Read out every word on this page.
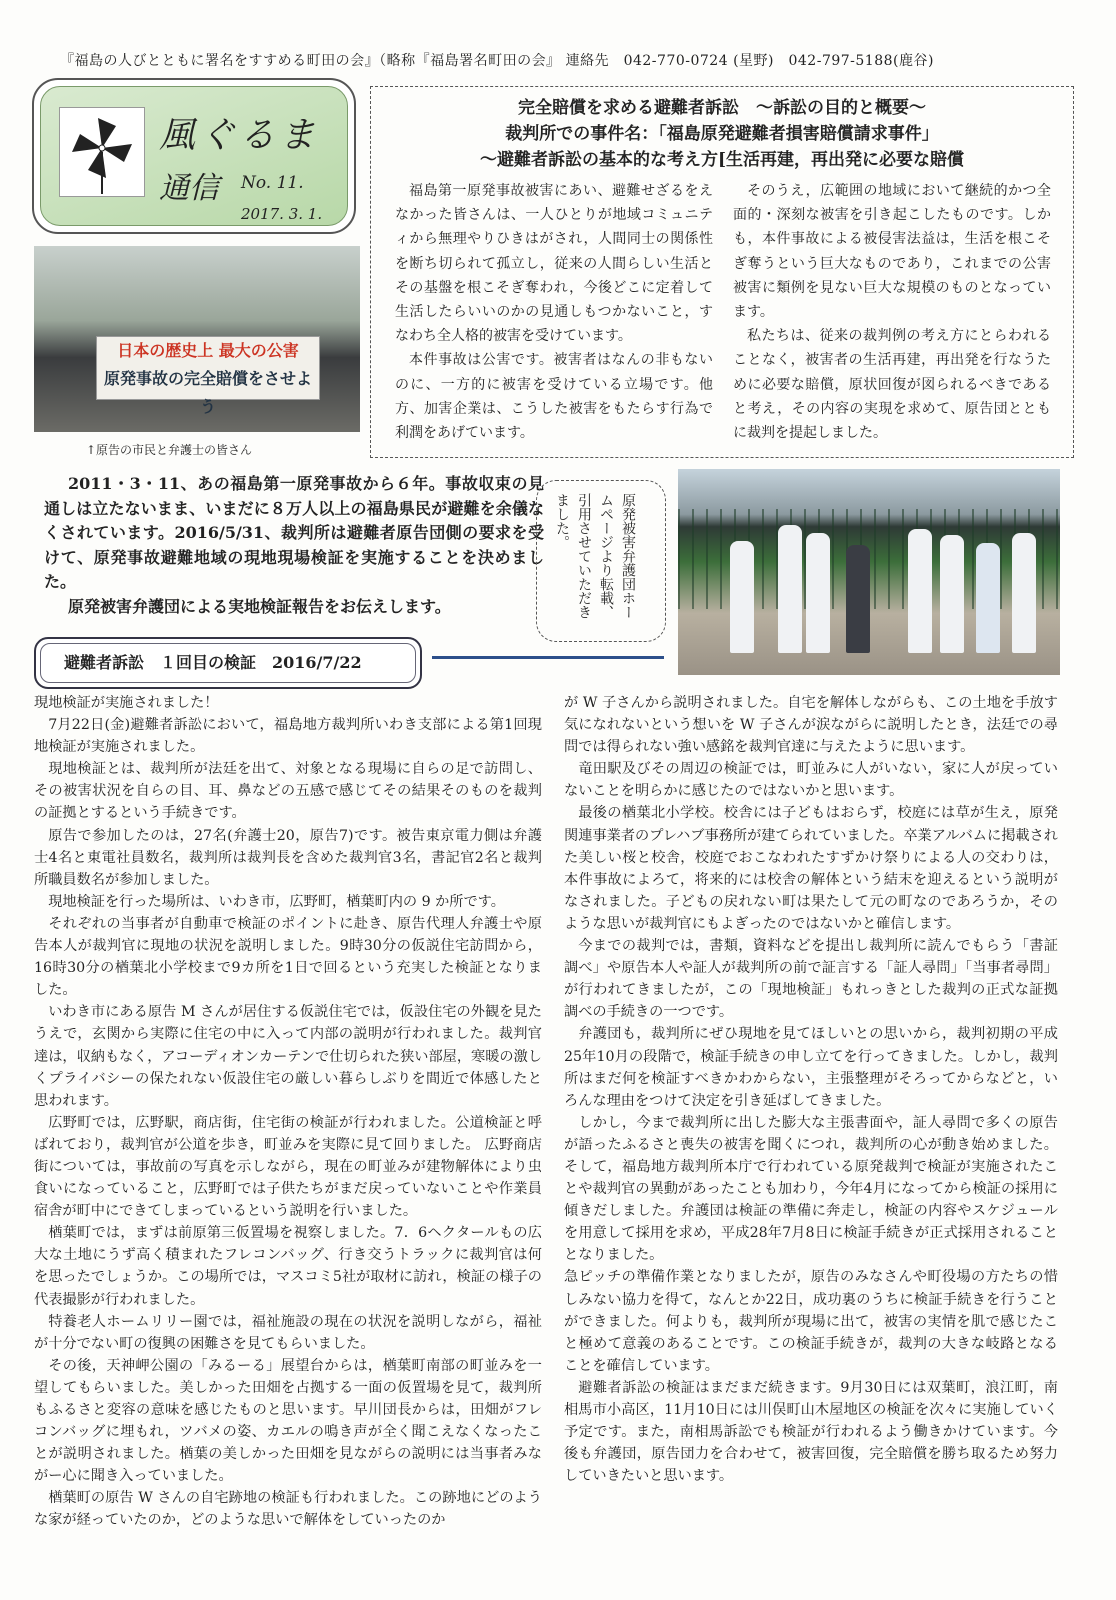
『福島の人びとともに署名をすすめる町田の会』（略称『福島署名町田の会』 連絡先　042-770-0724 (星野)　042-797-5188(鹿谷)
風ぐるま
通信 No. 11.
2017. 3. 1.
完全賠償を求める避難者訴訟　～訴訟の目的と概要～
裁判所での事件名：「福島原発避難者損害賠償請求事件」
～避難者訴訟の基本的な考え方[生活再建，再出発に必要な賠償

福島第一原発事故被害にあい、避難せざるをえなかった皆さんは、一人ひとりが地域コミュニティから無理やりひきはがされ，人間同士の関係性を断ち切られて孤立し，従来の人間らしい生活とその基盤を根こそぎ奪われ，今後どこに定着して生活したらいいのかの見通しもつかないこと，すなわち全人格的被害を受けています。

本件事故は公害です。被害者はなんの非もないのに、一方的に被害を受けている立場です。他方、加害企業は、こうした被害をもたらす行為で利潤をあげています。

そのうえ，広範囲の地域において継続的かつ全面的・深刻な被害を引き起こしたものです。しかも，本件事故による被侵害法益は，生活を根こそぎ奪うという巨大なものであり，これまでの公害被害に類例を見ない巨大な規模のものとなっています。

私たちは、従来の裁判例の考え方にとらわれることなく，被害者の生活再建，再出発を行なうために必要な賠償，原状回復が図られるべきであると考え，その内容の実現を求めて、原告団とともに裁判を提起しました。

日本の歴史上 最大の公害
原発事故の完全賠償をさせよう
↑原告の市民と弁護士の皆さん

2011・3・11、あの福島第一原発事故から６年。事故収束の見通しは立たないまま、いまだに８万人以上の福島県民が避難を余儀なくされています。2016/5/31、裁判所は避難者原告団側の要求を受けて、原発事故避難地域の現地現場検証を実施することを決めました。

原発被害弁護団による実地検証報告をお伝えします。	原発被害弁護団ホームページより転載、引用させていただきました。
避難者訴訟　１回目の検証　2016/7/22

現地検証が実施されました！

7月22日(金)避難者訴訟において，福島地方裁判所いわき支部による第1回現地検証が実施されました。

現地検証とは、裁判所が法廷を出て、対象となる現場に自らの足で訪問し、その被害状況を自らの目、耳、鼻などの五感で感じてその結果そのものを裁判の証拠とするという手続きです。

原告で参加したのは，27名(弁護士20，原告7)です。被告東京電力側は弁護士4名と東電社員数名，裁判所は裁判長を含めた裁判官3名，書記官2名と裁判所職員数名が参加しました。

現地検証を行った場所は、いわき市，広野町，楢葉町内の 9 か所です。

それぞれの当事者が自動車で検証のポイントに赴き、原告代理人弁護士や原告本人が裁判官に現地の状況を説明しました。9時30分の仮説住宅訪問から，16時30分の楢葉北小学校まで9カ所を1日で回るという充実した検証となりました。

いわき市にある原告 M さんが居住する仮説住宅では，仮設住宅の外観を見たうえで，玄関から実際に住宅の中に入って内部の説明が行われました。裁判官達は，収納もなく，アコーディオンカーテンで仕切られた狭い部屋，寒暖の激しくプライバシーの保たれない仮設住宅の厳しい暮らしぶりを間近で体感したと思われます。

広野町では，広野駅，商店街，住宅街の検証が行われました。公道検証と呼ばれており，裁判官が公道を歩き，町並みを実際に見て回りました。 広野商店街については，事故前の写真を示しながら，現在の町並みが建物解体により虫食いになっていること，広野町では子供たちがまだ戻っていないことや作業員宿舎が町中にできてしまっているという説明を行いました。

楢葉町では，まずは前原第三仮置場を視察しました。7．6ヘクタールもの広大な土地にうず高く積まれたフレコンバッグ、行き交うトラックに裁判官は何を思ったでしょうか。この場所では，マスコミ5社が取材に訪れ，検証の様子の代表撮影が行われました。

特養老人ホームリリー園では，福祉施設の現在の状況を説明しながら，福祉が十分でない町の復興の困難さを見てもらいました。

その後，天神岬公園の「みるーる」展望台からは，楢葉町南部の町並みを一望してもらいました。美しかった田畑を占拠する一面の仮置場を見て，裁判所もふるさと変容の意味を感じたものと思います。早川団長からは，田畑がフレコンバッグに埋もれ，ツバメの姿、カエルの鳴き声が全く聞こえなくなったことが説明されました。楢葉の美しかった田畑を見ながらの説明には当事者みながー心に聞き入っていました。

楢葉町の原告 W さんの自宅跡地の検証も行われました。この跡地にどのような家が経っていたのか，どのような思いで解体をしていったのか

が W 子さんから説明されました。自宅を解体しながらも、この土地を手放す気になれないという想いを W 子さんが涙ながらに説明したとき，法廷での尋問では得られない強い感銘を裁判官達に与えたように思います。

竜田駅及びその周辺の検証では，町並みに人がいない，家に人が戻っていないことを明らかに感じたのではないかと思います。

最後の楢葉北小学校。校舎には子どもはおらず，校庭には草が生え，原発関連事業者のプレハブ事務所が建てられていました。卒業アルバムに掲載された美しい桜と校舎，校庭でおこなわれたすずかけ祭りによる人の交わりは，本件事故によろて，将来的には校舎の解体という結末を迎えるという説明がなされました。子どもの戻れない町は果たして元の町なのであろうか，そのような思いが裁判官にもよぎったのではないかと確信します。

今までの裁判では，書類，資料などを提出し裁判所に読んでもらう「書証調べ」や原告本人や証人が裁判所の前で証言する「証人尋問」「当事者尋問」が行われてきましたが，この「現地検証」もれっきとした裁判の正式な証拠調べの手続きの一つです。

弁護団も，裁判所にぜひ現地を見てほしいとの思いから，裁判初期の平成25年10月の段階で，検証手続きの申し立てを行ってきました。しかし，裁判所はまだ何を検証すべきかわからない，主張整理がそろってからなどと，いろんな理由をつけて決定を引き延ばしてきました。

しかし，今まで裁判所に出した膨大な主張書面や，証人尋問で多くの原告が語ったふるさと喪失の被害を聞くにつれ，裁判所の心が動き始めました。そして，福島地方裁判所本庁で行われている原発裁判で検証が実施されたことや裁判官の異動があったことも加わり，今年4月になってから検証の採用に傾きだしました。弁護団は検証の準備に奔走し，検証の内容やスケジュールを用意して採用を求め，平成28年7月8日に検証手続きが正式採用されることとなりました。

急ピッチの準備作業となりましたが，原告のみなさんや町役場の方たちの惜しみない協力を得て，なんとか22日，成功裏のうちに検証手続きを行うことができました。何よりも，裁判所が現場に出て，被害の実情を肌で感じたこと極めて意義のあることです。この検証手続きが，裁判の大きな岐路となることを確信しています。

避難者訴訟の検証はまだまだ続きます。9月30日には双葉町，浪江町，南相馬市小高区，11月10日には川俣町山木屋地区の検証を次々に実施していく予定です。また，南相馬訴訟でも検証が行われるよう働きかけています。今後も弁護団，原告団力を合わせて，被害回復，完全賠償を勝ち取るため努力していきたいと思います。
